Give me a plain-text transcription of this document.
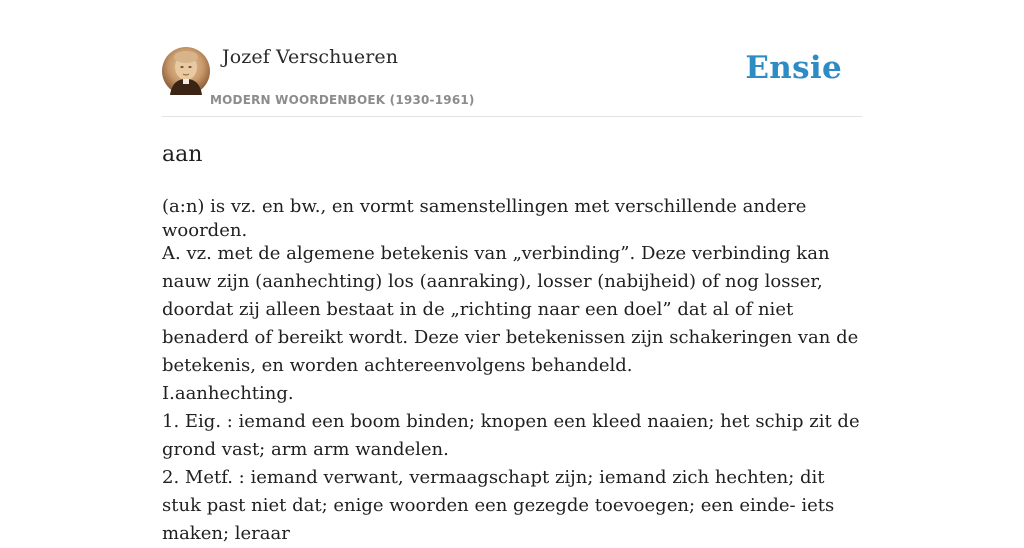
Jozef Verschueren
MODERN WOORDENBOEK (1930-1961)
Ensie
aan
(a:n) is vz. en bw., en vormt samenstellingen met verschillende andere woorden.
A. vz. met de algemene betekenis van „verbinding”. Deze verbinding kan nauw zijn (aanhechting) los (aanraking), losser (nabijheid) of nog losser, doordat zij alleen bestaat in de „richting naar een doel” dat al of niet benaderd of bereikt wordt. Deze vier betekenissen zijn schakeringen van de betekenis, en worden achtereenvolgens behandeld.
I.aanhechting.
1. Eig. : iemand een boom binden; knopen een kleed naaien; het schip zit de grond vast; arm arm wandelen.
2. Metf. : iemand verwant, vermaagschapt zijn; iemand zich hechten; dit stuk past niet dat; enige woorden een gezegde toevoegen; een einde- iets maken; leraar
